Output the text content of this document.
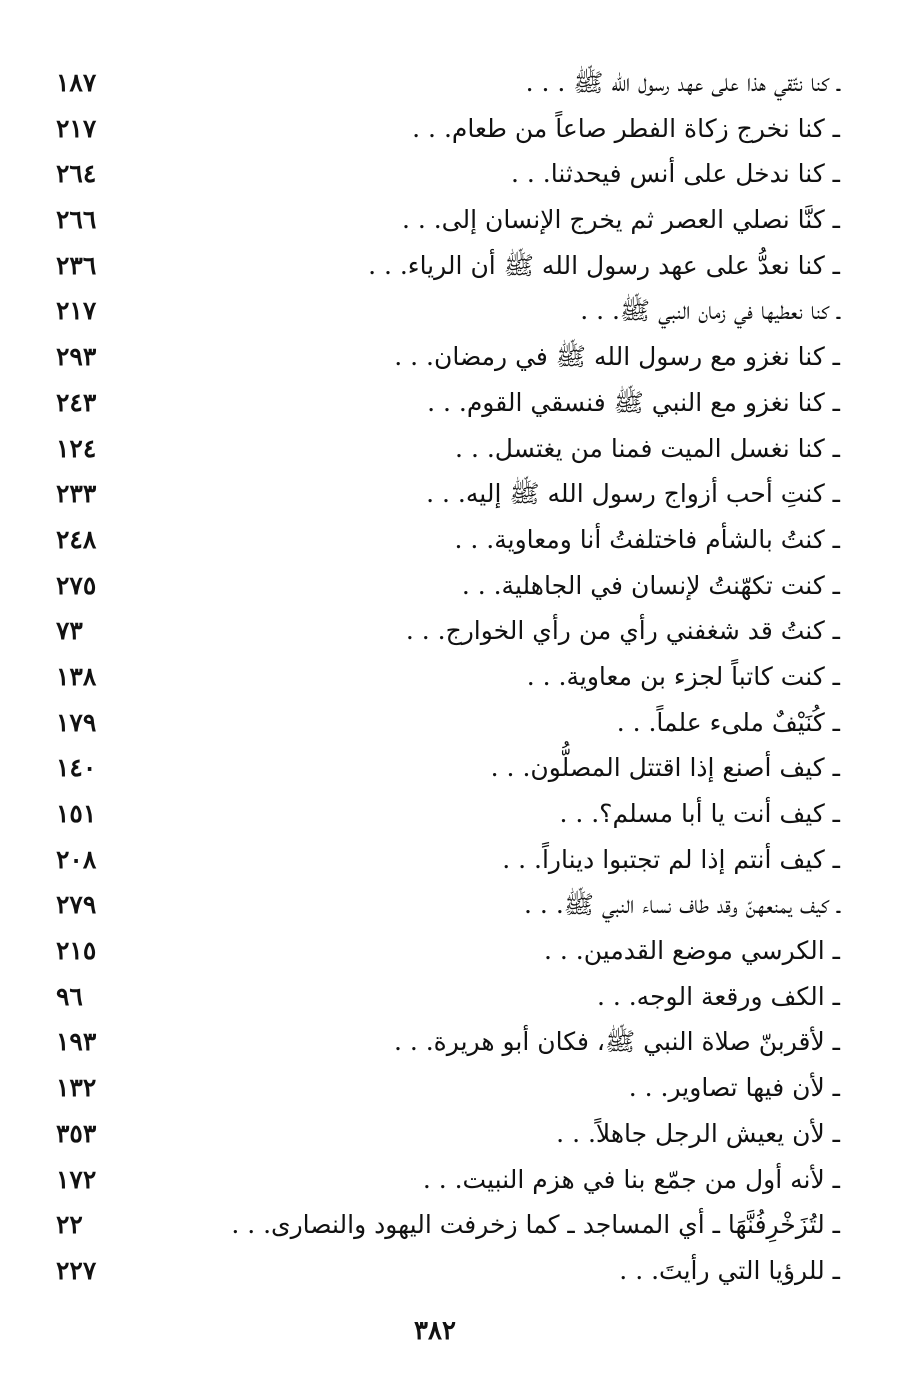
ـ كنا نتّقي هذا على عهد رسول الله ﷺ . . .
١٨٧
ـ كنا نخرج زكاة الفطر صاعاً من طعام. . .
٢١٧
ـ كنا ندخل على أنس فيحدثنا. . .
٢٦٤
ـ كنَّا نصلي العصر ثم يخرج الإنسان إلى. . .
٢٦٦
ـ كنا نعدُّ على عهد رسول الله ﷺ أن الرياء. . .
٢٣٦
ـ كنا نعطيها في زمان النبي ﷺ. . .
٢١٧
ـ كنا نغزو مع رسول الله ﷺ في رمضان. . .
٢٩٣
ـ كنا نغزو مع النبي ﷺ فنسقي القوم. . .
٢٤٣
ـ كنا نغسل الميت فمنا من يغتسل. . .
١٢٤
ـ كنتِ أحب أزواج رسول الله ﷺ إليه. . .
٢٣٣
ـ كنتُ بالشأم فاختلفتُ أنا ومعاوية. . .
٢٤٨
ـ كنت تكهّنتُ لإنسان في الجاهلية. . .
٢٧٥
ـ كنتُ قد شغفني رأي من رأي الخوارج. . .
٧٣
ـ كنت كاتباً لجزء بن معاوية. . .
١٣٨
ـ كُنَيْفٌ ملىء علماً. . .
١٧٩
ـ كيف أصنع إذا اقتتل المصلُّون. . .
١٤٠
ـ كيف أنت يا أبا مسلم؟. . .
١٥١
ـ كيف أنتم إذا لم تجتبوا ديناراً. . .
٢٠٨
ـ كيف يمنعهنّ وقد طاف نساء النبي ﷺ. . .
٢٧٩
ـ الكرسي موضع القدمين. . .
٢١٥
ـ الكف ورقعة الوجه. . .
٩٦
ـ لأقربنّ صلاة النبي ﷺ، فكان أبو هريرة. . .
١٩٣
ـ لأن فيها تصاوير. . .
١٣٢
ـ لأن يعيش الرجل جاهلاً. . .
٣٥٣
ـ لأنه أول من جمّع بنا في هزم النبيت. . .
١٧٢
ـ لتُزَخْرِفُنَّهَا ـ أي المساجد ـ كما زخرفت اليهود والنصارى. . .
٢٢
ـ للرؤيا التي رأيتَ. . .
٢٢٧
٣٨٢
